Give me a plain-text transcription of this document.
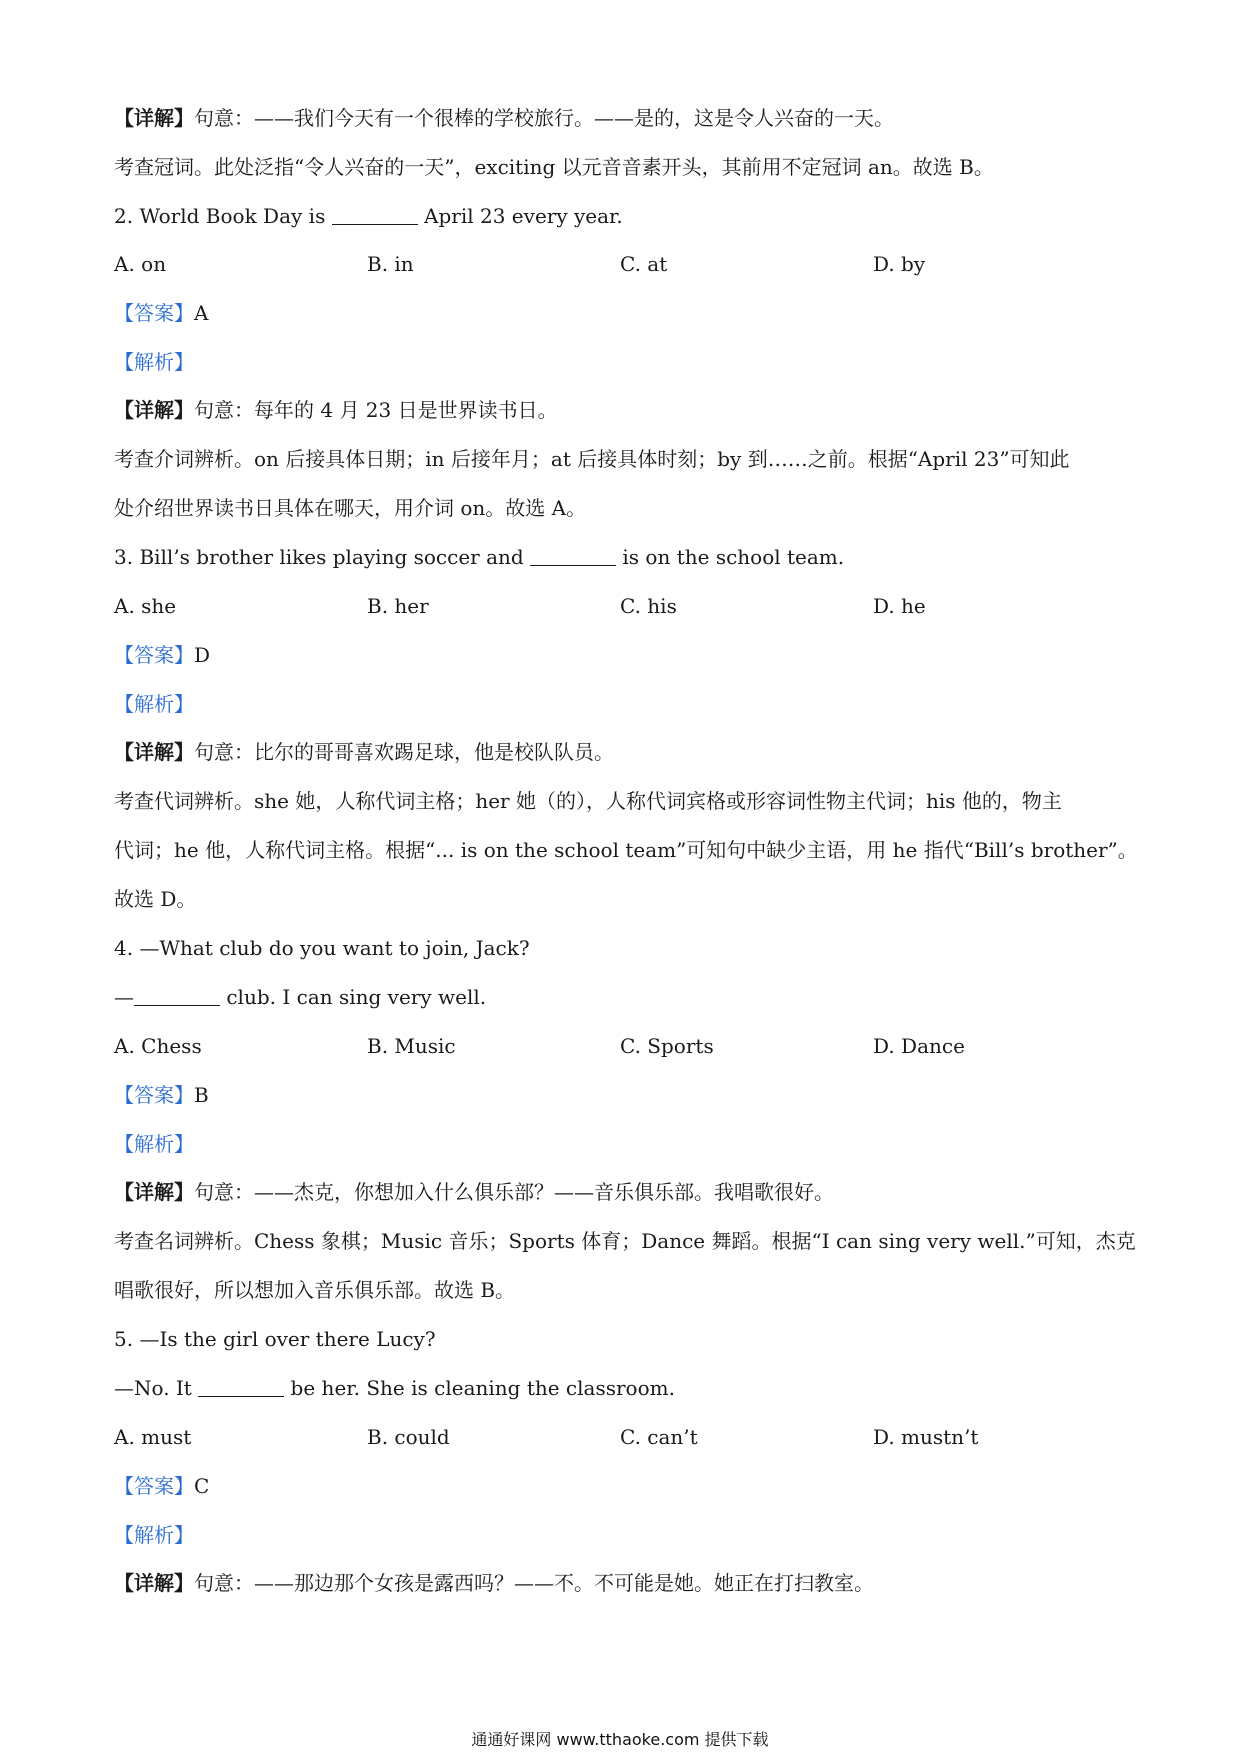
【详解】句意：——我们今天有一个很棒的学校旅行。——是的，这是令人兴奋的一天。
考查冠词。此处泛指“令人兴奋的一天”，exciting 以元音音素开头，其前用不定冠词 an。故选 B。
2. World Book Day is	April 23 every year.
A. on	B. in	C. at	D. by
【答案】A
【解析】
【详解】句意：每年的 4 月 23 日是世界读书日。
考查介词辨析。on 后接具体日期；in 后接年月；at 后接具体时刻；by 到……之前。根据“April 23”可知此
处介绍世界读书日具体在哪天，用介词 on。故选 A。
3. Bill’s brother likes playing soccer and	is on the school team.
A. she	B. her	C. his	D. he
【答案】D
【解析】
【详解】句意：比尔的哥哥喜欢踢足球，他是校队队员。
考查代词辨析。she 她，人称代词主格；her 她（的），人称代词宾格或形容词性物主代词；his 他的，物主
代词；he 他，人称代词主格。根据“... is on the school team”可知句中缺少主语，用 he 指代“Bill’s brother”。
故选 D。
4. —What club do you want to join, Jack?
—	club. I can sing very well.
A. Chess	B. Music	C. Sports	D. Dance
【答案】B
【解析】
【详解】句意：——杰克，你想加入什么俱乐部？——音乐俱乐部。我唱歌很好。
考查名词辨析。Chess 象棋；Music 音乐；Sports 体育；Dance 舞蹈。根据“I can sing very well.”可知，杰克
唱歌很好，所以想加入音乐俱乐部。故选 B。
5. —Is the girl over there Lucy?
—No. It	be her. She is cleaning the classroom.
A. must	B. could	C. can’t	D. mustn’t
【答案】C
【解析】
【详解】句意：——那边那个女孩是露西吗？——不。不可能是她。她正在打扫教室。
通通好课网 www.tthaoke.com 提供下载
